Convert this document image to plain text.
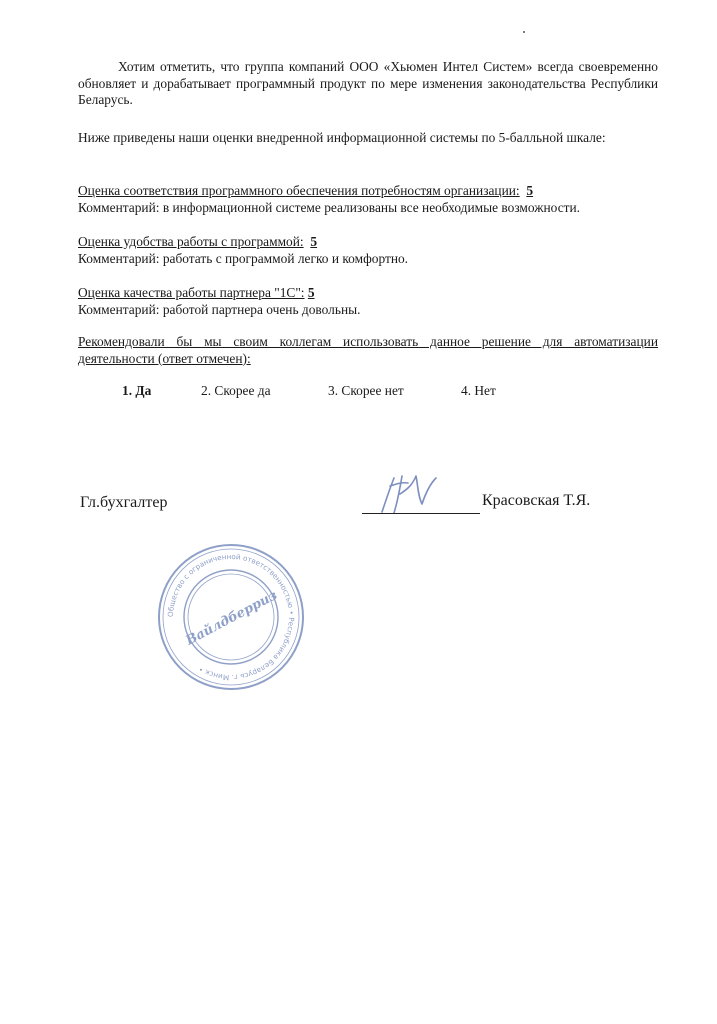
Хотим отметить, что группа компаний ООО «Хьюмен Интел Систем» всегда своевременно обновляет и дорабатывает программный продукт по мере изменения законодательства Республики Беларусь.

Ниже приведены наши оценки внедренной информационной системы по 5-балльной шкале:

Оценка соответствия программного обеспечения потребностям организации: 5

Комментарий: в информационной системе реализованы все необходимые возможности.

Оценка удобства работы с программой: 5

Комментарий: работать с программой легко и комфортно.

Оценка качества работы партнера "1С": 5

Комментарий: работой партнера очень довольны.

Рекомендовали бы мы своим коллегам использовать данное решение для автоматизации деятельности (ответ отмечен):

1. Да	2. Скорее да	3. Скорее нет	4. Нет
Гл.бухгалтер	Красовская Т.Я.
Общество с ограниченной ответственностью • Республика Беларусь г. Минск •
Вайлдберриз
